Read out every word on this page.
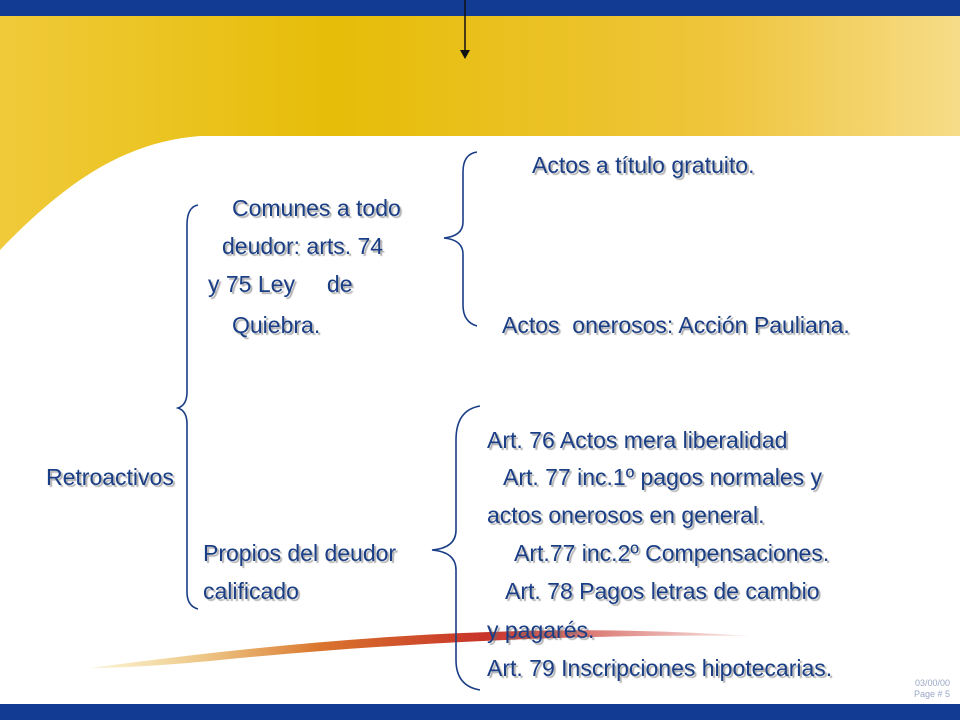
Actos a título gratuito.
Comunes a todo
deudor: arts. 74
y 75 Ley     de
Quiebra.	Actos  onerosos: Acción Pauliana.
Art. 76 Actos mera liberalidad
Retroactivos	Art. 77 inc.1º pagos normales y
actos onerosos en general.
Propios del deudor	Art.77 inc.2º Compensaciones.
calificado	Art. 78 Pagos letras de cambio
y pagarés.
Art. 79 Inscripciones hipotecarias.
03/00/00
Page # 5
